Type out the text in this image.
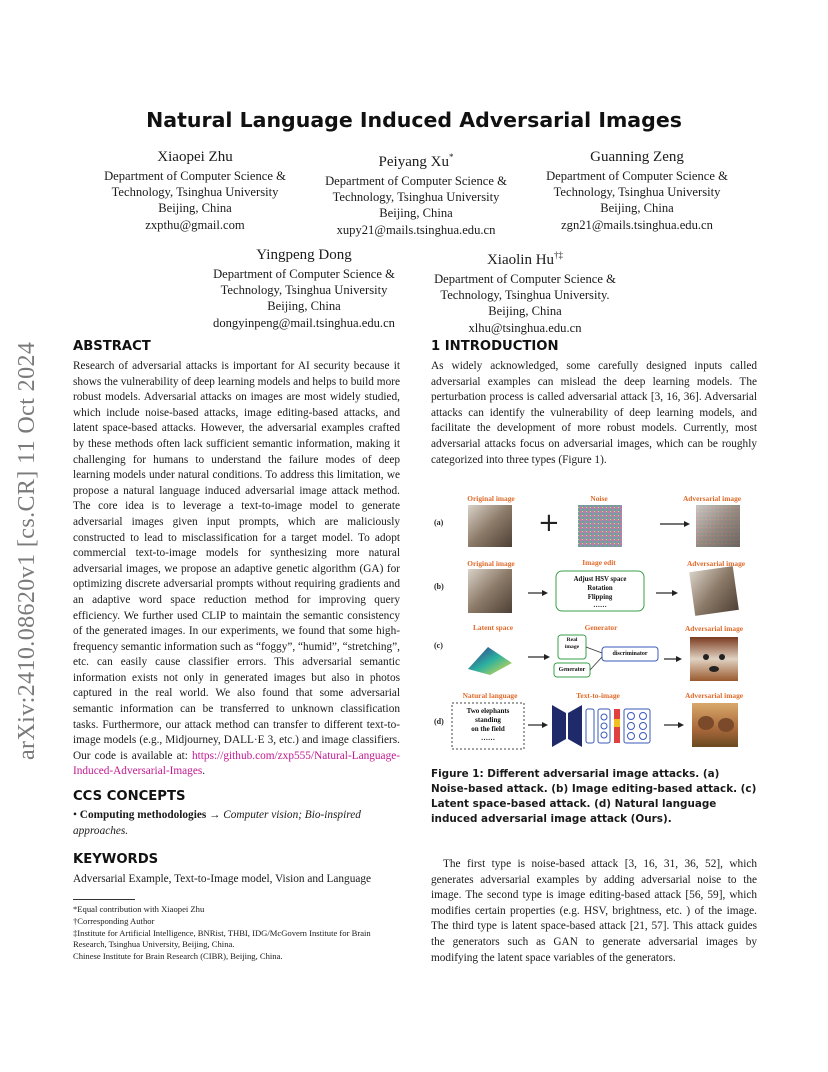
arXiv:2410.08620v1 [cs.CR] 11 Oct 2024
Natural Language Induced Adversarial Images
Xiaopei Zhu
Department of Computer Science &
Technology, Tsinghua University
Beijing, China
zxpthu@gmail.com
Peiyang Xu*
Department of Computer Science &
Technology, Tsinghua University
Beijing, China
xupy21@mails.tsinghua.edu.cn
Guanning Zeng
Department of Computer Science &
Technology, Tsinghua University
Beijing, China
zgn21@mails.tsinghua.edu.cn
Yingpeng Dong
Department of Computer Science &
Technology, Tsinghua University
Beijing, China
dongyinpeng@mail.tsinghua.edu.cn
Xiaolin Hu†‡
Department of Computer Science &
Technology, Tsinghua University.
Beijing, China
xlhu@tsinghua.edu.cn
ABSTRACT
Research of adversarial attacks is important for AI security because it shows the vulnerability of deep learning models and helps to build more robust models. Adversarial attacks on images are most widely studied, which include noise-based attacks, image editing-based attacks, and latent space-based attacks. However, the adversarial examples crafted by these methods often lack sufficient semantic information, making it challenging for humans to understand the failure modes of deep learning models under natural conditions. To address this limitation, we propose a natural language induced adversarial image attack method. The core idea is to leverage a text-to-image model to generate adversarial images given input prompts, which are maliciously constructed to lead to misclassification for a target model. To adopt commercial text-to-image models for synthesizing more natural adversarial images, we propose an adaptive genetic algorithm (GA) for optimizing discrete adversarial prompts without requiring gradients and an adaptive word space reduction method for improving query efficiency. We further used CLIP to maintain the semantic consistency of the generated images. In our experiments, we found that some high-frequency semantic information such as “foggy”, “humid”, “stretching”, etc. can easily cause classifier errors. This adversarial semantic information exists not only in generated images but also in photos captured in the real world. We also found that some adversarial semantic information can be transferred to unknown classification tasks. Furthermore, our attack method can transfer to different text-to-image models (e.g., Midjourney, DALL·E 3, etc.) and image classifiers. Our code is available at: https://github.com/zxp555/Natural-Language-Induced-Adversarial-Images.
CCS CONCEPTS
• Computing methodologies → Computer vision; Bio-inspired approaches.
KEYWORDS
Adversarial Example, Text-to-Image model, Vision and Language
*Equal contribution with Xiaopei Zhu
†Corresponding Author
‡Institute for Artificial Intelligence, BNRist, THBI, IDG/McGovern Institute for Brain Research, Tsinghua University, Beijing, China.
Chinese Institute for Brain Research (CIBR), Beijing, China.
1 INTRODUCTION
As widely acknowledged, some carefully designed inputs called adversarial examples can mislead the deep learning models. The perturbation process is called adversarial attack [3, 16, 36]. Adversarial attacks can identify the vulnerability of deep learning models, and facilitate the development of more robust models. Currently, most adversarial attacks focus on adversarial images, which can be roughly categorized into three types (Figure 1).
(a)
(b)
(c)
(d)
Original image	Noise	Adversarial image
Original image	Image edit	Adversarial image
Latent space	Generator	Adversarial image
Natural language	Text-to-image	Adversarial image
+
Adjust HSV space
Rotation
Flipping
……
Real
image
discriminator
Generator
Two elephants
standing
on the field
……
Figure 1: Different adversarial image attacks. (a) Noise-based attack. (b) Image editing-based attack. (c) Latent space-based attack. (d) Natural language induced adversarial image attack (Ours).
The first type is noise-based attack [3, 16, 31, 36, 52], which generates adversarial examples by adding adversarial noise to the image. The second type is image editing-based attack [56, 59], which modifies certain properties (e.g. HSV, brightness, etc. ) of the image. The third type is latent space-based attack [21, 57]. This attack guides the generators such as GAN to generate adversarial images by modifying the latent space variables of the generators.
